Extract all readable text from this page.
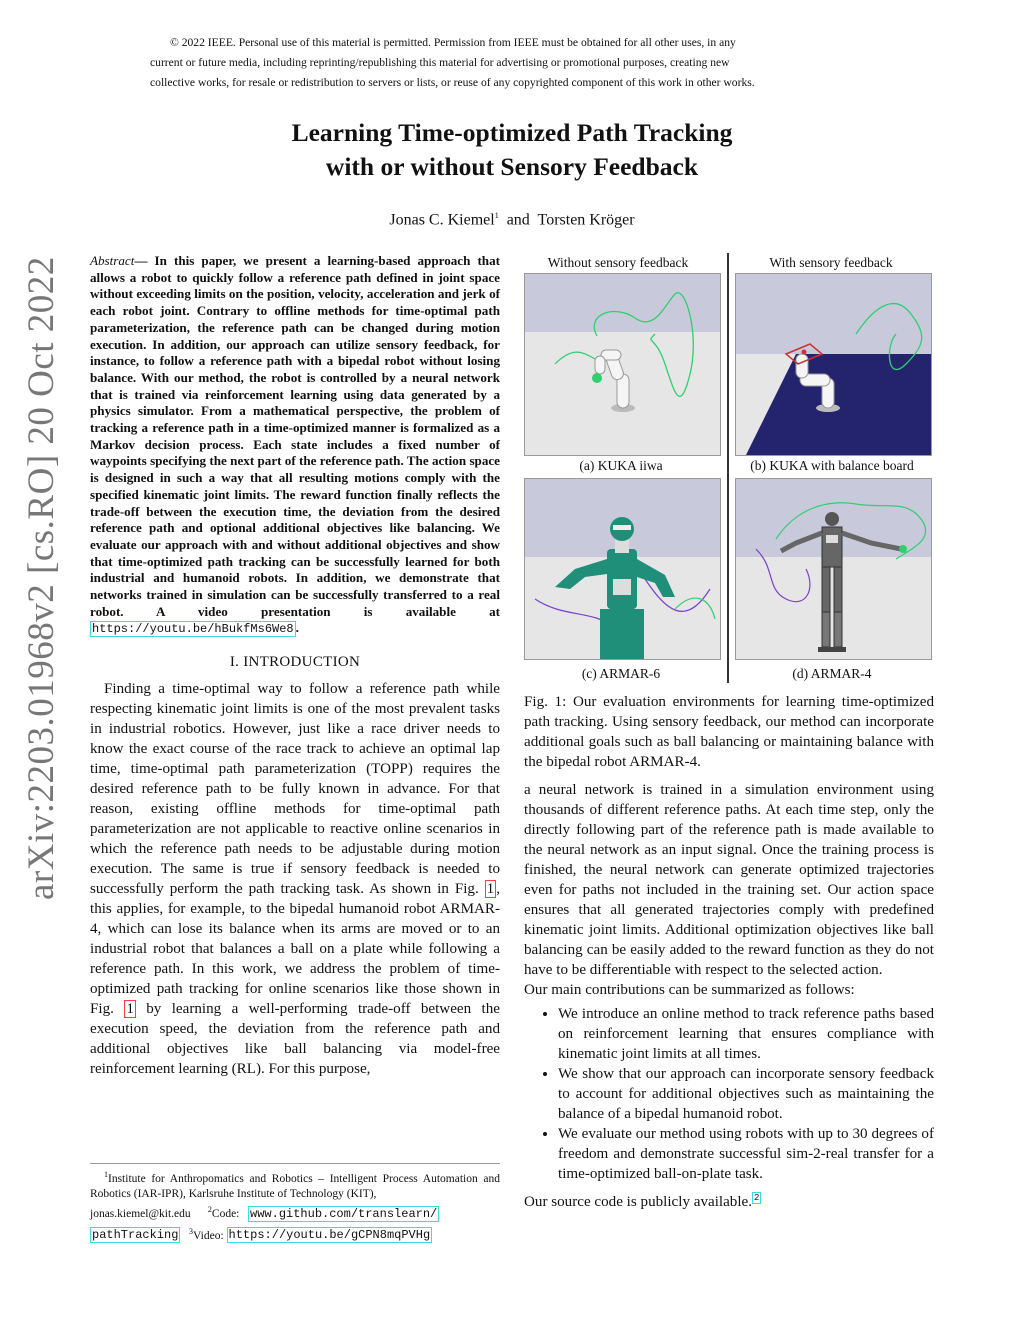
© 2022 IEEE. Personal use of this material is permitted. Permission from IEEE must be obtained for all other uses, in any

current or future media, including reprinting/republishing this material for advertising or promotional purposes, creating new

collective works, for resale or redistribution to servers or lists, or reuse of any copyrighted component of this work in other works.

Learning Time-optimized Path Tracking
with or without Sensory Feedback
Jonas C. Kiemel$^1$ and Torsten Kröger
arXiv:2203.01968v2 [cs.RO] 20 Oct 2022 Abstract— In this paper, we present a learning-based approach that allows a robot to quickly follow a reference path defined in joint space without exceeding limits on the position, velocity, acceleration and jerk of each robot joint. Contrary to offline methods for time-optimal path parameterization, the reference path can be changed during motion execution. In addition, our approach can utilize sensory feedback, for instance, to follow a reference path with a bipedal robot without losing balance. With our method, the robot is controlled by a neural network that is trained via reinforcement learning using data generated by a physics simulator. From a mathematical perspective, the problem of tracking a reference path in a time-optimized manner is formalized as a Markov decision process. Each state includes a fixed number of waypoints specifying the next part of the reference path. The action space is designed in such a way that all resulting motions comply with the specified kinematic joint limits. The reward function finally reflects the trade-off between the execution time, the deviation from the desired reference path and optional additional objectives like balancing. We evaluate our approach with and without additional objectives and show that time-optimized path tracking can be successfully learned for both industrial and humanoid robots. In addition, we demonstrate that networks trained in simulation can be successfully transferred to a real robot. A video presentation is available at https://youtu.be/hBukfMs6We8 .

I. INTRODUCTION

Finding a time-optimal way to follow a reference path while respecting kinematic joint limits is one of the most prevalent tasks in industrial robotics. However, just like a race driver needs to know the exact course of the race track to achieve an optimal lap time, time-optimal path parameterization (TOPP) requires the desired reference path to be fully known in advance. For that reason, existing offline methods for time-optimal path parameterization are not applicable to reactive online scenarios in which the reference path needs to be adjustable during motion execution. The same is true if sensory feedback is needed to successfully perform the path tracking task. As shown in Fig. 1 , this applies, for example, to the bipedal humanoid robot ARMAR-4, which can lose its balance when its arms are moved or to an industrial robot that balances a ball on a plate while following a reference path. In this work, we address the problem of time-optimized path tracking for online scenarios like those shown in Fig. 1 by learning a well-performing trade-off between the execution speed, the deviation from the reference path and additional objectives like ball balancing via model-free reinforcement learning (RL). For this purpose,

$^1$Institute for Anthropomatics and Robotics – Intelligent Process Automation and Robotics (IAR-IPR), Karlsruhe Institute of Technology (KIT),

jonas.kiemel@kit.edu $^2$Code: www.github.com/translearn/

pathTracking $^3$Video: https://youtu.be/gCPN8mqPVHg

Without sensory feedback	With sensory feedback
(a) KUKA iiwa	(b) KUKA with balance board
(c) ARMAR-6	(d) ARMAR-4

Fig. 1: Our evaluation environments for learning time-optimized path tracking. Using sensory feedback, our method can incorporate additional goals such as ball balancing or maintaining balance with the bipedal robot ARMAR-4.

a neural network is trained in a simulation environment using thousands of different reference paths. At each time step, only the directly following part of the reference path is made available to the neural network as an input signal. Once the training process is finished, the neural network can generate optimized trajectories even for paths not included in the training set. Our action space ensures that all generated trajectories comply with predefined kinematic joint limits. Additional optimization objectives like ball balancing can be easily added to the reward function as they do not have to be differentiable with respect to the selected action.

Our main contributions can be summarized as follows:

• We introduce an online method to track reference paths based on reinforcement learning that ensures compliance with kinematic joint limits at all times.
• We show that our approach can incorporate sensory feedback to account for additional objectives such as maintaining the balance of a bipedal humanoid robot.
• We evaluate our method using robots with up to 30 degrees of freedom and demonstrate successful sim-2-real transfer for a time-optimized ball-on-plate task.

Our source code is publicly available. $^2$
